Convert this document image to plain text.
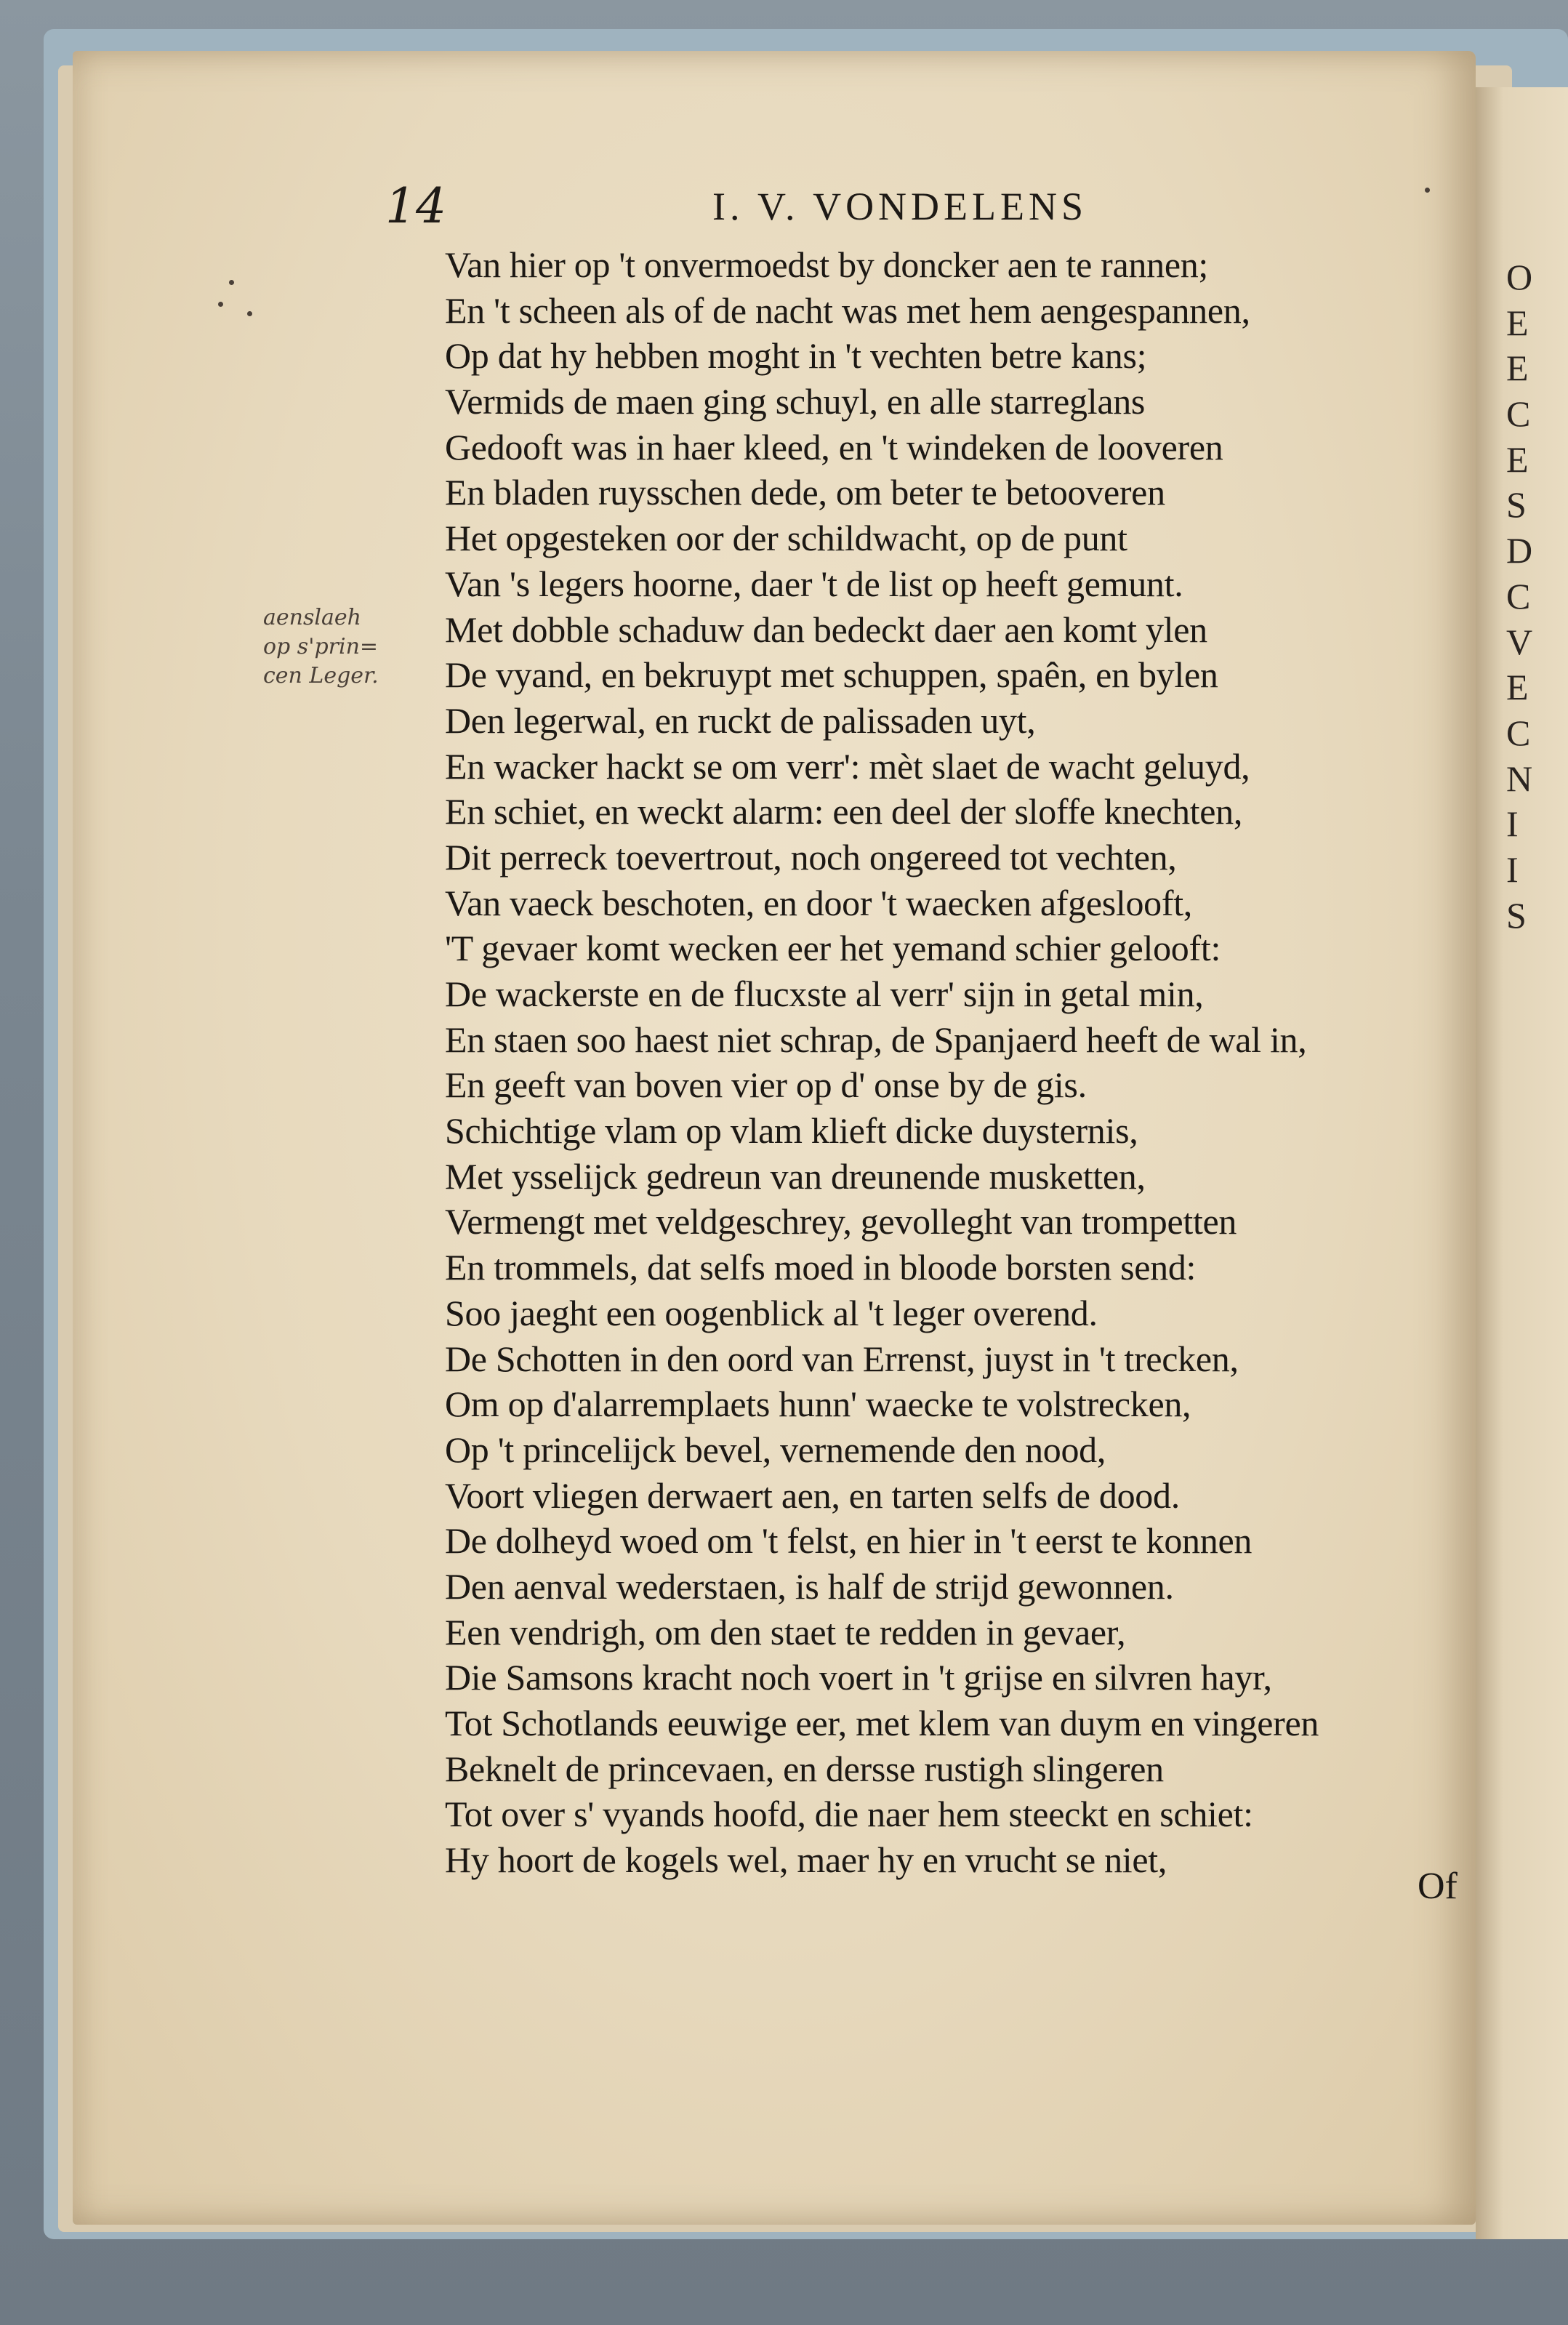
O
E
E
C
E
S
D
C
V
E
C
N
I
I
S
14	I. V. VONDELENS
aenslaeh
op s'prin=
cen Leger.
Van hier op 't onvermoedst by doncker aen te rannen;
En 't scheen als of de nacht was met hem aengespannen,
Op dat hy hebben moght in 't vechten betre kans;
Vermids de maen ging schuyl, en alle starreglans
Gedooft was in haer kleed, en 't windeken de looveren
En bladen ruysschen dede, om beter te betooveren
Het opgesteken oor der schildwacht, op de punt
Van 's legers hoorne, daer 't de list op heeft gemunt.
Met dobble schaduw dan bedeckt daer aen komt ylen
De vyand, en bekruypt met schuppen, spaên, en bylen
Den legerwal, en ruckt de palissaden uyt,
En wacker hackt se om verr': mèt slaet de wacht geluyd,
En schiet, en weckt alarm: een deel der sloffe knechten,
Dit perreck toevertrout, noch ongereed tot vechten,
Van vaeck beschoten, en door 't waecken afgeslooft,
'T gevaer komt wecken eer het yemand schier gelooft:
De wackerste en de flucxste al verr' sijn in getal min,
En staen soo haest niet schrap, de Spanjaerd heeft de wal in,
En geeft van boven vier op d' onse by de gis.
Schichtige vlam op vlam klieft dicke duysternis,
Met ysselijck gedreun van dreunende musketten,
Vermengt met veldgeschrey, gevolleght van trompetten
En trommels, dat selfs moed in bloode borsten send:
Soo jaeght een oogenblick al 't leger overend.
De Schotten in den oord van Errenst, juyst in 't trecken,
Om op d'alarremplaets hunn' waecke te volstrecken,
Op 't princelijck bevel, vernemende den nood,
Voort vliegen derwaert aen, en tarten selfs de dood.
De dolheyd woed om 't felst, en hier in 't eerst te konnen
Den aenval wederstaen, is half de strijd gewonnen.
Een vendrigh, om den staet te redden in gevaer,
Die Samsons kracht noch voert in 't grijse en silvren hayr,
Tot Schotlands eeuwige eer, met klem van duym en vingeren
Beknelt de princevaen, en dersse rustigh slingeren
Tot over s' vyands hoofd, die naer hem steeckt en schiet:
Hy hoort de kogels wel, maer hy en vrucht se niet,
Of
